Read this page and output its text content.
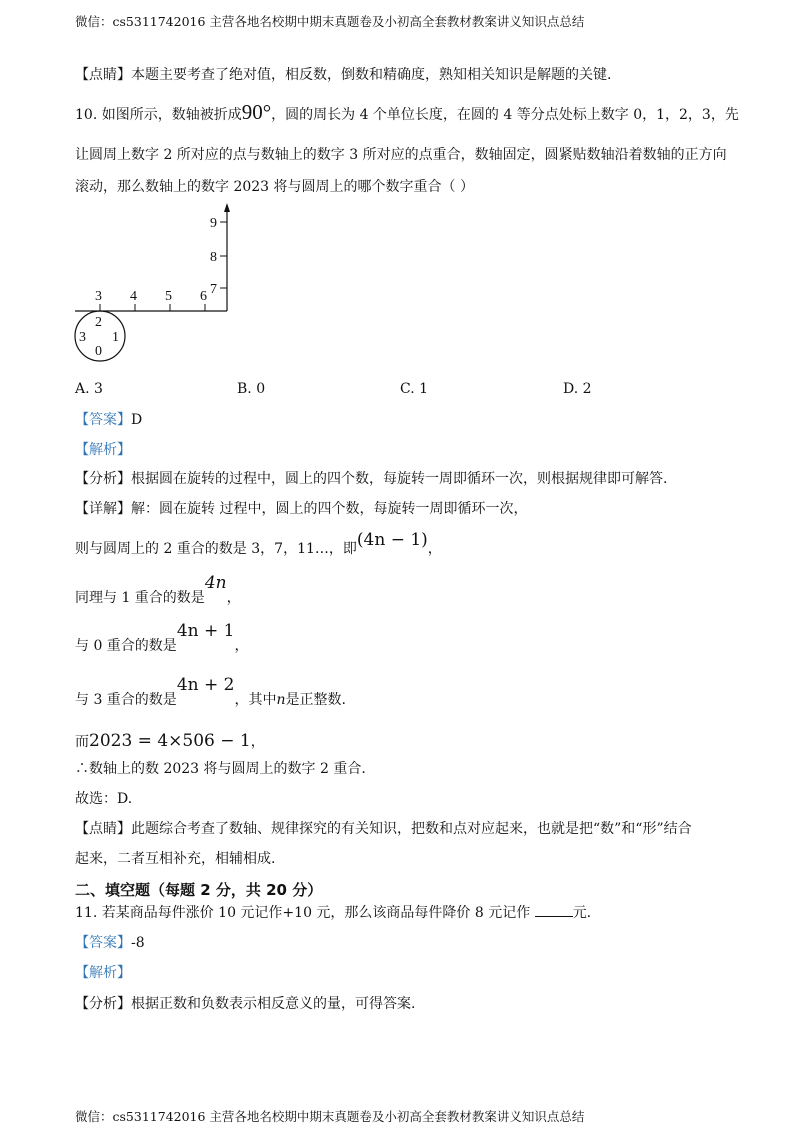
微信：cs5311742016 主营各地名校期中期末真题卷及小初高全套教材教案讲义知识点总结
【点睛】本题主要考查了绝对值，相反数，倒数和精确度，熟知相关知识是解题的关键.
10. 如图所示，数轴被折成90°，圆的周长为 4 个单位长度，在圆的 4 等分点处标上数字 0，1，2，3，先
让圆周上数字 2 所对应的点与数轴上的数字 3 所对应的点重合，数轴固定，圆紧贴数轴沿着数轴的正方向
滚动，那么数轴上的数字 2023 将与圆周上的哪个数字重合（ ）
3 4 5 6 7
8
9
2
1
0
3
A. 3	B. 0	C. 1	D. 2
【答案】D
【解析】
【分析】根据圆在旋转的过程中，圆上的四个数，每旋转一周即循环一次，则根据规律即可解答.
【详解】解：圆在旋转 过程中，圆上的四个数，每旋转一周即循环一次，
则与圆周上的 2 重合的数是 3，7，11…，即(4n − 1)，
同理与 1 重合的数是4n，
与 0 重合的数是4n + 1，
与 3 重合的数是4n + 2，其中n是正整数.
而2023 = 4×506 − 1，
∴数轴上的数 2023 将与圆周上的数字 2 重合.
故选：D.
【点睛】此题综合考查了数轴、规律探究的有关知识，把数和点对应起来，也就是把“数”和“形”结合
起来，二者互相补充，相辅相成.
二、填空题（每题 2 分，共 20 分）
11. 若某商品每件涨价 10 元记作+10 元，那么该商品每件降价 8 元记作	元.
【答案】-8
【解析】
【分析】根据正数和负数表示相反意义的量，可得答案.
微信：cs5311742016 主营各地名校期中期末真题卷及小初高全套教材教案讲义知识点总结
